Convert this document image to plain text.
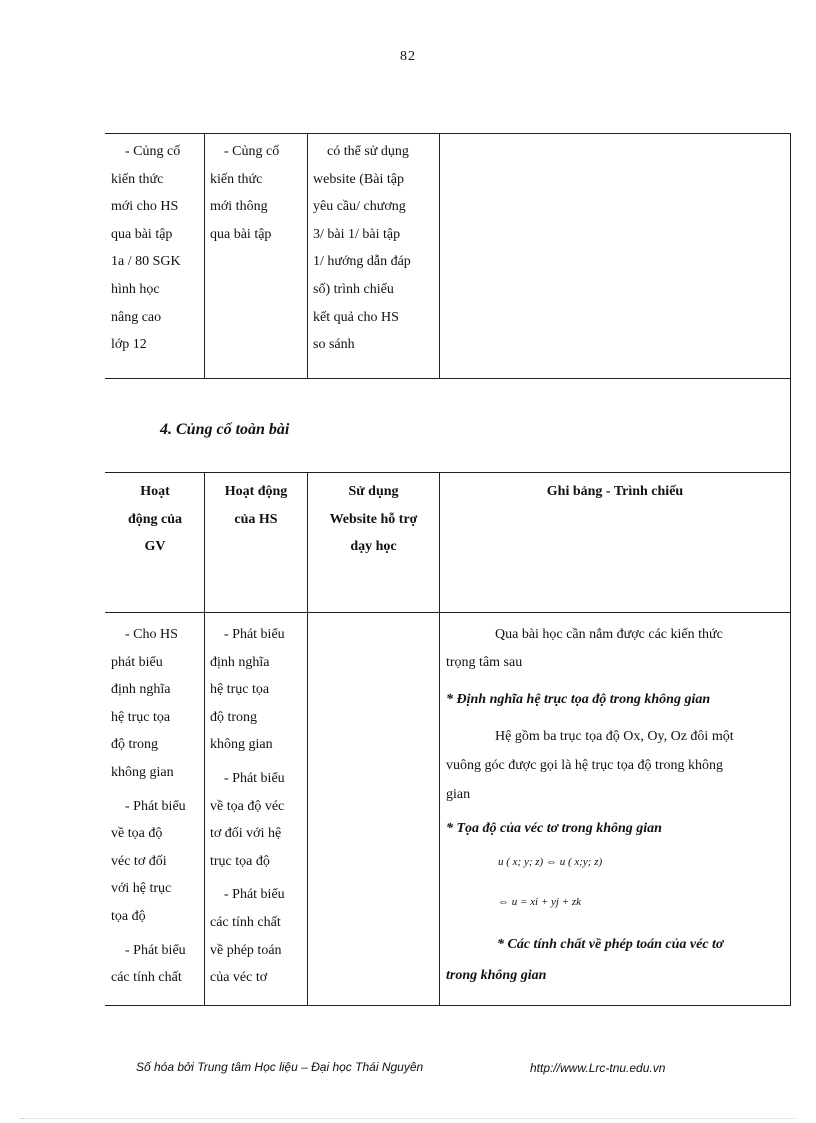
82
- Củng cố
kiến thức
mới cho HS
qua bài tập
1a / 80 SGK
hình học
nâng cao
lớp 12
- Củng cố
kiến thức
mới thông
qua bài tập
có thể sử dụng
website (Bài tập
yêu cầu/ chương
3/ bài 1/ bài tập
1/ hướng dẫn đáp
số) trình chiếu
kết quả cho HS
so sánh
4. Củng cố toàn bài
Hoạt
động của
GV
Hoạt động
của HS
Sử dụng
Website hỗ trợ
dạy học
Ghi bảng - Trình chiếu
- Cho HS
phát biểu
định nghĩa
hệ trục tọa
độ trong
không gian
- Phát biểu
về tọa độ
véc tơ đối
với hệ trục
tọa độ
- Phát biểu
các tính chất
- Phát biểu
định nghĩa
hệ trục tọa
độ trong
không gian
- Phát biểu
về tọa độ véc
tơ đối với hệ
trục tọa độ
- Phát biểu
các tính chất
về phép toán
của véc tơ
Qua bài học cần nắm được các kiến thức
trọng tâm sau
* Định nghĩa hệ trục tọa độ trong không gian
Hệ gồm ba trục tọa độ Ox, Oy, Oz đôi một
vuông góc được gọi là hệ trục tọa độ trong không
gian
* Tọa độ của véc tơ trong không gian
u ( x; y; z) ⇔ u ( x;y; z)
⇔ u = xi + yj + zk
* Các tính chất về phép toán của véc tơ
trong không gian
Số hóa bởi Trung tâm Học liệu – Đại học Thái Nguyên	http://www.Lrc-tnu.edu.vn
